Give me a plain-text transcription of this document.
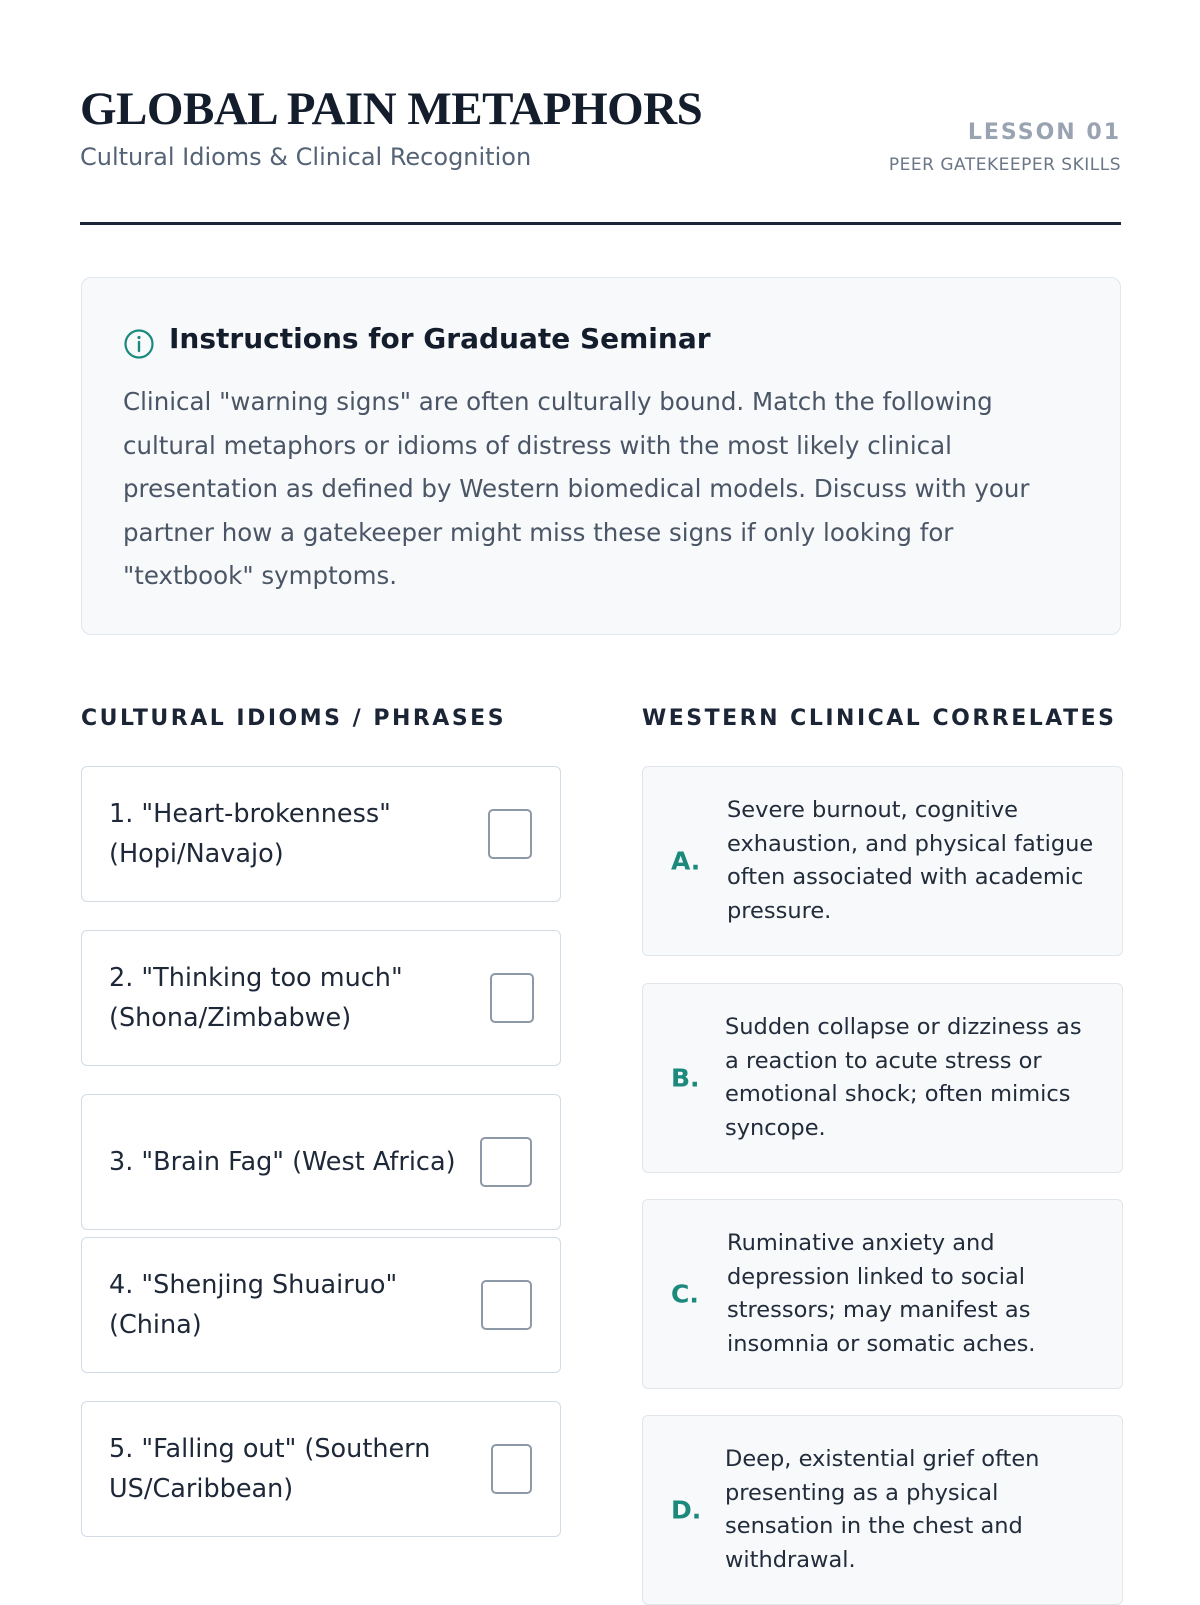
GLOBAL PAIN METAPHORS
Cultural Idioms & Clinical Recognition
LESSON 01
PEER GATEKEEPER SKILLS
Instructions for Graduate Seminar
Clinical "warning signs" are often culturally bound. Match the following cultural metaphors or idioms of distress with the most likely clinical presentation as defined by Western biomedical models. Discuss with your partner how a gatekeeper might miss these signs if only looking for "textbook" symptoms.
CULTURAL IDIOMS / PHRASES	WESTERN CLINICAL CORRELATES
1. "Heart-brokenness" (Hopi/Navajo)
2. "Thinking too much" (Shona/Zimbabwe)
3. "Brain Fag" (West Africa)
4. "Shenjing Shuairuo" (China)
5. "Falling out" (Southern US/Caribbean)
A.
Severe burnout, cognitive exhaustion, and physical fatigue often associated with academic pressure.
B.
Sudden collapse or dizziness as a reaction to acute stress or emotional shock; often mimics syncope.
C.
Ruminative anxiety and depression linked to social stressors; may manifest as insomnia or somatic aches.
D.
Deep, existential grief often presenting as a physical sensation in the chest and withdrawal.
